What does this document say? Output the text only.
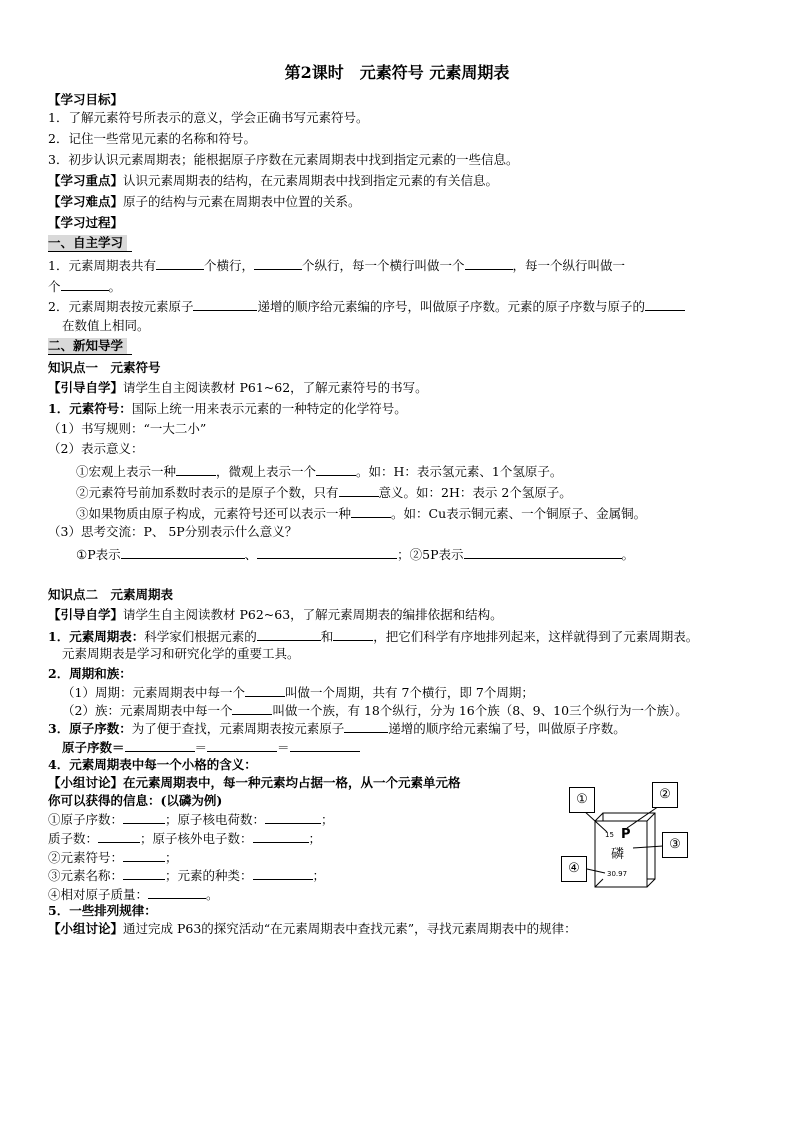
第2课时　元素符号 元素周期表
【学习目标】
1．了解元素符号所表示的意义，学会正确书写元素符号。
2．记住一些常见元素的名称和符号。
3．初步认识元素周期表；能根据原子序数在元素周期表中找到指定元素的一些信息。
【学习重点】认识元素周期表的结构，在元素周期表中找到指定元素的有关信息。
【学习难点】原子的结构与元素在周期表中位置的关系。
【学习过程】
一、自主学习
1．元素周期表共有	个横行，	个纵行，每一个横行叫做一个	，每一个纵行叫做一
个	。
2．元素周期表按元素原子	递增的顺序给元素编的序号，叫做原子序数。元素的原子序数与原子的
在数值上相同。
二、新知导学
知识点一　元素符号
【引导自学】请学生自主阅读教材 P61~62，了解元素符号的书写。
1．元素符号：国际上统一用来表示元素的一种特定的化学符号。
（1）书写规则：“一大二小”
（2）表示意义：
①宏观上表示一种	，微观上表示一个	。如：H：表示氢元素、1个氢原子。
②元素符号前加系数时表示的是原子个数，只有	意义。如：2H：表示 2个氢原子。
③如果物质由原子构成，元素符号还可以表示一种	。如：Cu表示铜元素、一个铜原子、金属铜。
（3）思考交流：P、 5P分别表示什么意义？
①P表示	、	；②5P表示	。
知识点二　元素周期表
【引导自学】请学生自主阅读教材 P62~63，了解元素周期表的编排依据和结构。
1．元素周期表：科学家们根据元素的	和	，把它们科学有序地排列起来，这样就得到了元素周期表。
元素周期表是学习和研究化学的重要工具。
2．周期和族：
（1）周期：元素周期表中每一个	叫做一个周期，共有 7个横行，即 7个周期；
（2）族：元素周期表中每一个	叫做一个族，有 18个纵行，分为 16个族（8、9、10三个纵行为一个族）。
3．原子序数：为了便于查找，元素周期表按元素原子	递增的顺序给元素编了号，叫做原子序数。
原子序数＝	＝	＝
4．元素周期表中每一个小格的含义：
【小组讨论】在元素周期表中，每一种元素均占据一格，从一个元素单元格
你可以获得的信息：(以磷为例)
①原子序数：	；原子核电荷数：	；
质子数：	；原子核外电子数：	；
②元素符号：	；
③元素名称：	；元素的种类：	；
④相对原子质量：	。
5．一些排列规律：
【小组讨论】通过完成 P63的探究活动“在元素周期表中查找元素”，寻找元素周期表中的规律：
15 P
磷
30.97
①	②
③
④
